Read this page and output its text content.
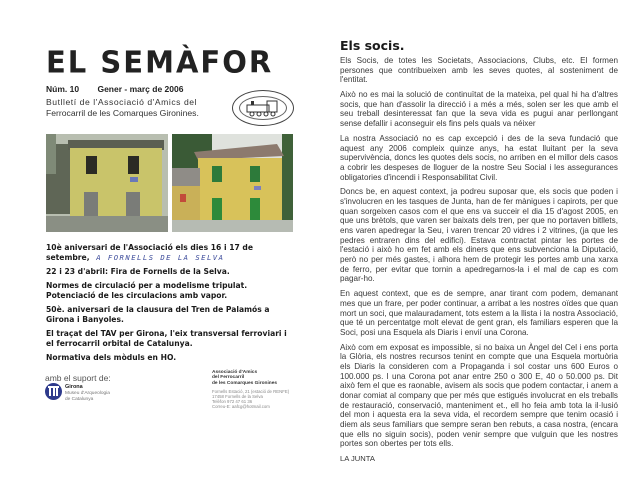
EL SEMÀFOR
Núm. 10 Gener - març de 2006
Butlletí de l'Associació d'Amics del
Ferrocarril de les Comarques Gironines.

10è aniversari de l'Associació els dies 16 i 17 de setembre, A FORNELLS DE LA SELVA

22 i 23 d'abril: Fira de Fornells de la Selva.

Normes de circulació per a modelisme tripulat. Potenciació de les circulacions amb vapor.

50è. aniversari de la clausura del Tren de Palamós a Girona i Banyoles.

El traçat del TAV per Girona, l'eix transversal ferroviari i el ferrocarril orbital de Catalunya.

Normativa dels mòduls en HO.

amb el suport de:
Girona
Museu d'Arqueologia
de Catalunya
Associació d'Amics
del Ferrocarril
de les Comarques Gironines
Fornells Estació, 21 (estació de RENFE)
17458 Fornells de la Selva
Telèfon 972 47 61 36
Correu-E: aafcg@hotmail.com
Els socis.

Els Socis, de totes les Societats, Associacions, Clubs, etc. El formen persones que contribueixen amb les seves quotes, al sosteniment de l'entitat.

Això no es mai la solució de continuïtat de la mateixa, pel qual hi ha d'altres socis, que han d'assolir la direcció i a més a més, solen ser les que amb el seu treball desinteressat fan que la seva vida es pugui anar perllongant sense defallir i aconseguir els fins pels quals va néixer

La nostra Associació no es cap excepció i des de la seva fundació que aquest any 2006 compleix quinze anys, ha estat lluitant per la seva supervivència, doncs les quotes dels socis, no arriben en el millor dels casos a cobrir les despeses de lloguer de la nostre Seu Social i les assegurances obligatories d'incendi i Responsabilitat Civil.

Doncs be, en aquest context, ja podreu suposar que, els socis que poden i s'involucren en les tasques de Junta, han de fer mànigues i capirots, per que quan sorgeixen casos com el que ens va succeir el dia 15 d'agost 2005, en que uns brètols, que varen ser baixats dels tren, per que no portaven bitllets, ens varen apedregar la Seu, i varen trencar 20 vidres i 2 vitrines, (ja que les pedres entraren dins del edifici). Estava contractat pintar les portes de l'estació i això ho em fet amb els diners que ens subvenciona la Diputació, però no per més gastes, i alhora hem de protegir les portes amb una xarxa de ferro, per evitar que tornin a apedregarnos-la i el mal de cap es com pagar-ho.

En aquest context, que es de sempre, anar tirant com podem, demanant mes que un frare, per poder continuar, a arribat a les nostres oïdes que quan mort un soci, que malauradament, tots estem a la llista i la nostra Associació, que té un percentatge molt elevat de gent gran, els familiars esperen que la Soci, posi una Esquela als Diaris i envií una Corona.

Això com em exposat es impossible, si no baixa un Àngel del Cel i ens porta la Glòria, els nostres recursos tenint en compte que una Esquela mortuòria els Diaris la consideren com a Propaganda i sol costar uns 600 Euros o 100.000 ps. I una Corona pot anar entre 250 o 300 E, 40 o 50.000 ps. Dit això fem el que es raonable, avisem als socis que podem contactar, i anem a donar comiat al company que per més que estigués involucrat en els treballs de restauració, conservació, manteniment et., ell ho feia amb tota la il·lusió del mon i aquesta era la seva vida, el recordem sempre que tenim ocasió i diem als seus familiars que sempre seran ben rebuts, a casa nostra, (encara que ells no siguin socis), poden venir sempre que vulguin que les nostres portes son obertes per tots ells.

LA JUNTA
